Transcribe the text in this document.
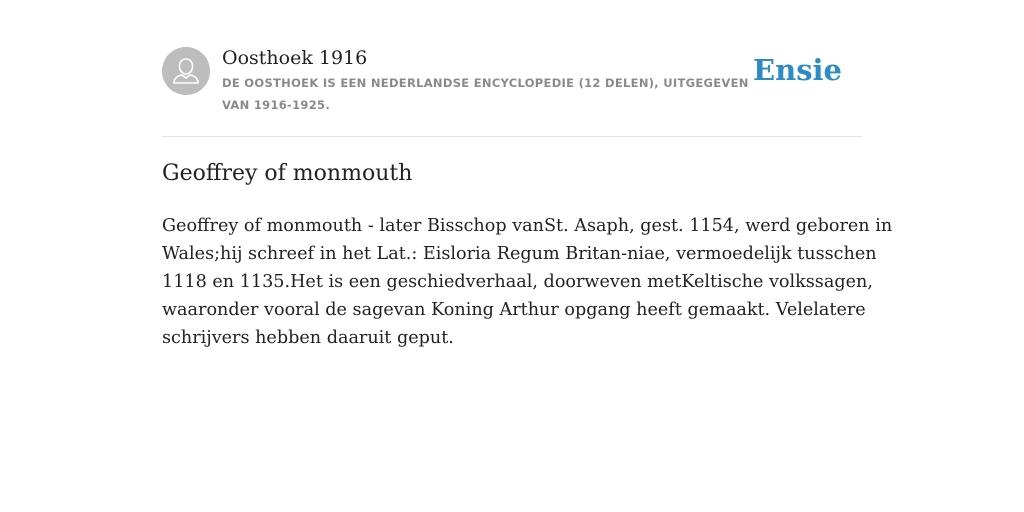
Oosthoek 1916
DE OOSTHOEK IS EEN NEDERLANDSE ENCYCLOPEDIE (12 DELEN), UITGEGEVEN VAN 1916-1925.
Ensie
Geoffrey of monmouth

Geoffrey of monmouth - later Bisschop vanSt. Asaph, gest. 1154, werd geboren in
Wales;hij schreef in het Lat.: Eisloria Regum Britan-niae, vermoedelijk tusschen
1118 en 1135.Het is een geschiedverhaal, doorweven metKeltische volkssagen,
waaronder vooral de sagevan Koning Arthur opgang heeft gemaakt. Velelatere
schrijvers hebben daaruit geput.
